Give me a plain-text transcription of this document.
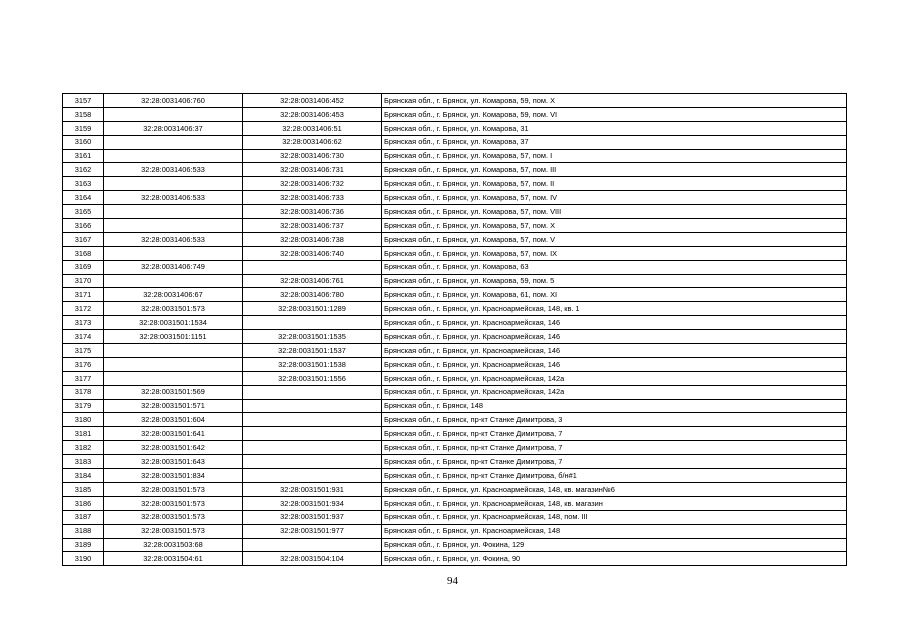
3157	32:28:0031406:760	32:28:0031406:452	Брянская обл., г. Брянск, ул. Комарова, 59, пом. X
3158		32:28:0031406:453	Брянская обл., г. Брянск, ул. Комарова, 59, пом. VI
3159	32:28:0031406:37	32:28:0031406:51	Брянская обл., г. Брянск, ул. Комарова, 31
3160		32:28:0031406:62	Брянская обл., г. Брянск, ул. Комарова, 37
3161		32:28:0031406:730	Брянская обл., г. Брянск, ул. Комарова, 57, пом. I
3162	32:28:0031406:533	32:28:0031406:731	Брянская обл., г. Брянск, ул. Комарова, 57, пом. III
3163		32:28:0031406:732	Брянская обл., г. Брянск, ул. Комарова, 57, пом. II
3164	32:28:0031406:533	32:28:0031406:733	Брянская обл., г. Брянск, ул. Комарова, 57, пом. IV
3165		32:28:0031406:736	Брянская обл., г. Брянск, ул. Комарова, 57, пом. VIII
3166		32:28:0031406:737	Брянская обл., г. Брянск, ул. Комарова, 57, пом. X
3167	32:28:0031406:533	32:28:0031406:738	Брянская обл., г. Брянск, ул. Комарова, 57, пом. V
3168		32:28:0031406:740	Брянская обл., г. Брянск, ул. Комарова, 57, пом. IX
3169	32:28:0031406:749		Брянская обл., г. Брянск, ул. Комарова, 63
3170		32:28:0031406:761	Брянская обл., г. Брянск, ул. Комарова, 59, пом. 5
3171	32:28:0031406:67	32:28:0031406:780	Брянская обл., г. Брянск, ул. Комарова, 61, пом. XI
3172	32:28:0031501:573	32:28:0031501:1289	Брянская обл., г. Брянск, ул. Красноармейская, 148, кв. 1
3173	32:28:0031501:1534		Брянская обл., г. Брянск, ул. Красноармейская, 146
3174	32:28:0031501:1151	32:28:0031501:1535	Брянская обл., г. Брянск, ул. Красноармейская, 146
3175		32:28:0031501:1537	Брянская обл., г. Брянск, ул. Красноармейская, 146
3176		32:28:0031501:1538	Брянская обл., г. Брянск, ул. Красноармейская, 146
3177		32:28:0031501:1556	Брянская обл., г. Брянск, ул. Красноармейская, 142а
3178	32:28:0031501:569		Брянская обл., г. Брянск, ул. Красноармейская, 142а
3179	32:28:0031501:571		Брянская обл., г. Брянск, 148
3180	32:28:0031501:604		Брянская обл., г. Брянск, пр-кт Станке Димитрова, 3
3181	32:28:0031501:641		Брянская обл., г. Брянск, пр-кт Станке Димитрова, 7
3182	32:28:0031501:642		Брянская обл., г. Брянск, пр-кт Станке Димитрова, 7
3183	32:28:0031501:643		Брянская обл., г. Брянск, пр-кт Станке Димитрова, 7
3184	32:28:0031501:834		Брянская обл., г. Брянск, пр-кт Станке Димитрова, б/н#1
3185	32:28:0031501:573	32:28:0031501:931	Брянская обл., г. Брянск, ул. Красноармейская, 148, кв. магазин№6
3186	32:28:0031501:573	32:28:0031501:934	Брянская обл., г. Брянск, ул. Красноармейская, 148, кв. магазин
3187	32:28:0031501:573	32:28:0031501:937	Брянская обл., г. Брянск, ул. Красноармейская, 148, пом. III
3188	32:28:0031501:573	32:28:0031501:977	Брянская обл., г. Брянск, ул. Красноармейская, 148
3189	32:28:0031503:68		Брянская обл., г. Брянск, ул. Фокина, 129
3190	32:28:0031504:61	32:28:0031504:104	Брянская обл., г. Брянск, ул. Фокина, 90
94
